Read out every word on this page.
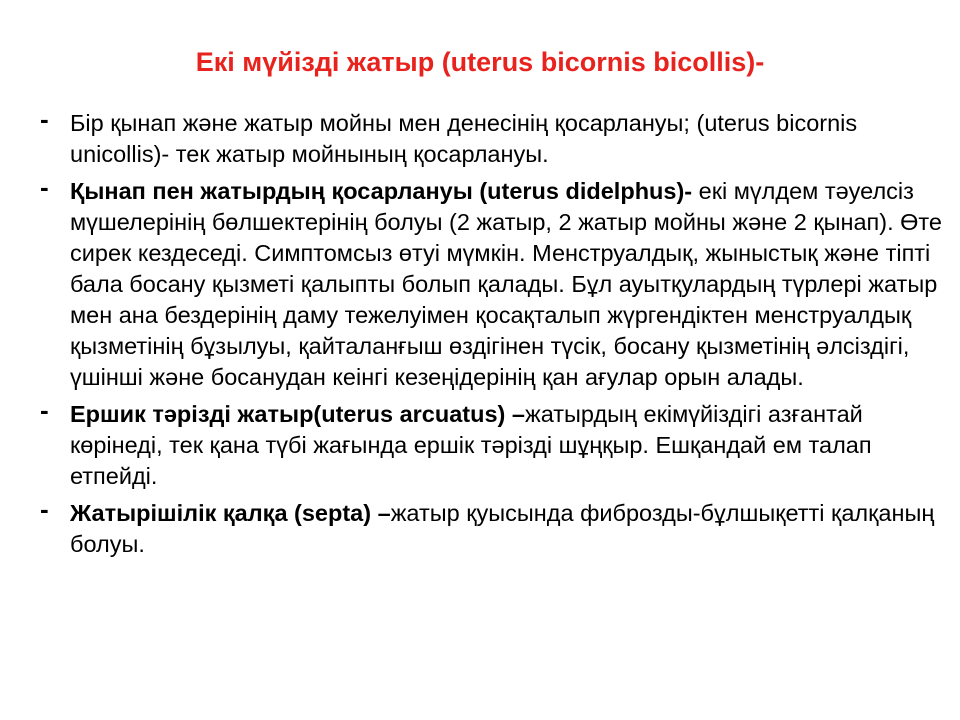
Екі мүйізді жатыр (uterus bicornis bicollis)-
- Бір қынап және жатыр мойны мен денесінің қосарлануы; (uterus bicornis unicollis)- тек жатыр мойнының қосарлануы.
- Қынап пен жатырдың қосарлануы (uterus didelphus)- екі мүлдем тәуелсіз мүшелерінің бөлшектерінің болуы (2 жатыр, 2 жатыр мойны және 2 қынап). Өте сирек кездеседі. Симптомсыз өтуі мүмкін. Менструалдық, жыныстық және тіпті бала босану қызметі қалыпты болып қалады. Бұл ауытқулардың түрлері жатыр мен ана бездерінің даму тежелуімен қосақталып жүргендіктен менструалдық қызметінің бұзылуы, қайталанғыш өздігінен түсік, босану қызметінің әлсіздігі, үшінші және босанудан кеінгі кезеңідерінің қан ағулар орын алады.
- Ершик тәрізді жатыр(uterus arcuatus) –жатырдың екімүйіздігі азғантай көрінеді, тек қана түбі жағында ершік тәрізді шұңқыр. Ешқандай ем талап етпейді.
- Жатырішілік қалқа (septa) –жатыр қуысында фиброзды-бұлшықетті қалқаның болуы.
